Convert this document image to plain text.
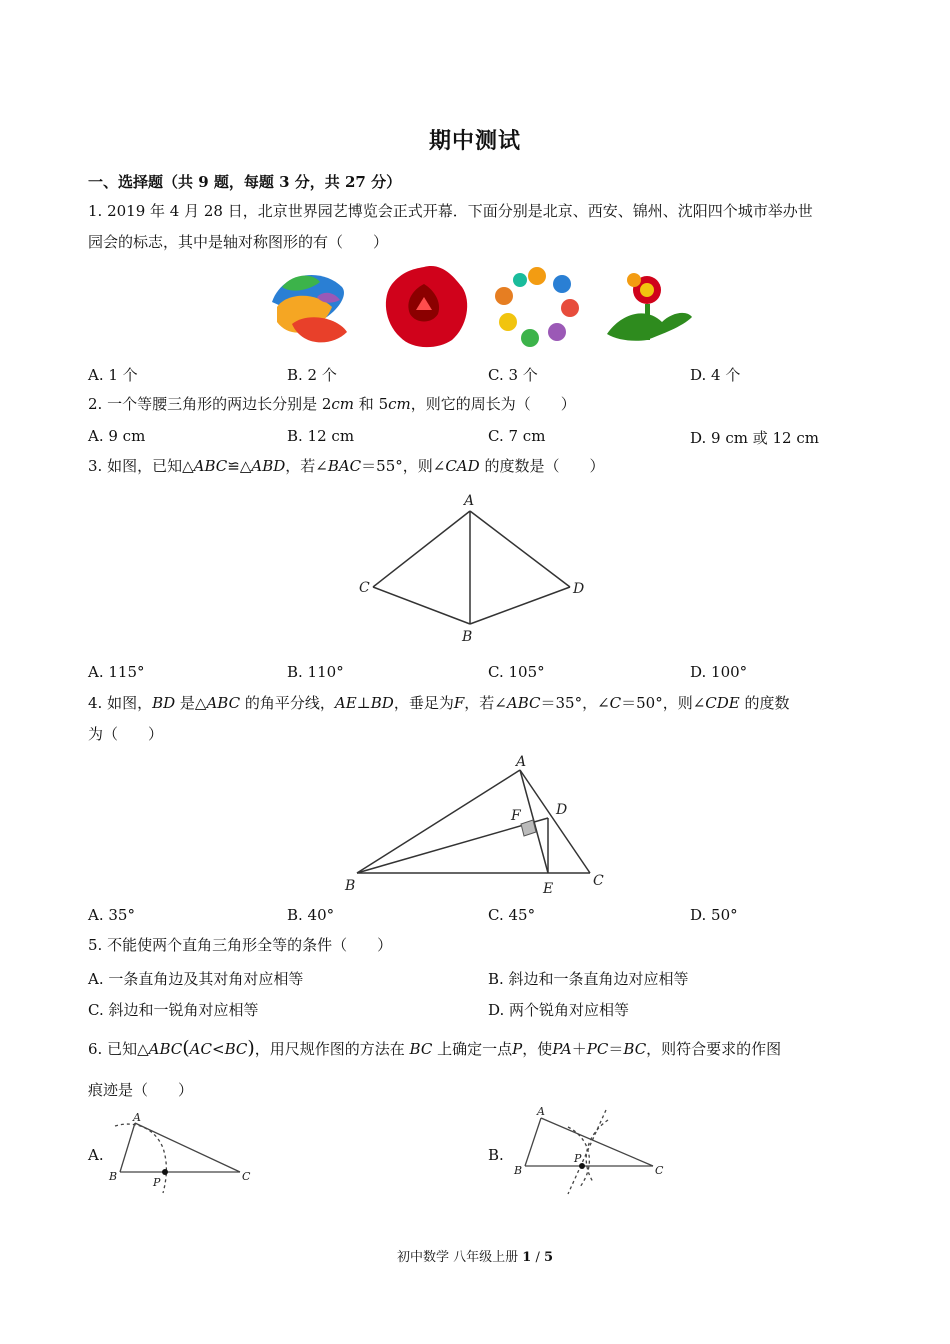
期中测试
一、选择题（共 9 题，每题 3 分，共 27 分）
1. 2019 年 4 月 28 日，北京世界园艺博览会正式开幕．下面分别是北京、西安、锦州、沈阳四个城市举办世
园会的标志，其中是轴对称图形的有（　　）
A. 1 个	B. 2 个	C. 3 个	D. 4 个
2. 一个等腰三角形的两边长分别是 2cm 和 5cm，则它的周长为（　　）
A. 9 cm	B. 12 cm	C. 7 cm	D. 9 cm 或 12 cm
3. 如图，已知△ABC≌△ABD，若∠BAC＝55°，则∠CAD 的度数是（　　）
A
B
C	D
A. 115°	B. 110°	C. 105°	D. 100°
4. 如图，BD 是△ABC 的角平分线，AE⊥BD，垂足为F，若∠ABC＝35°，∠C＝50°，则∠CDE 的度数
为（　　）
A
B	C
D
E
F
A. 35°	B. 40°	C. 45°	D. 50°
5. 不能使两个直角三角形全等的条件（　　）
A. 一条直角边及其对角对应相等	B. 斜边和一条直角边对应相等
C. 斜边和一锐角对应相等	D. 两个锐角对应相等
6. 已知△ABC(AC<BC)，用尺规作图的方法在 BC 上确定一点P，使PA＋PC＝BC，则符合要求的作图
痕迹是（　　）
A.
A
B	C
P
B.
A
B	C
P
初中数学 八年级上册 1 / 5
